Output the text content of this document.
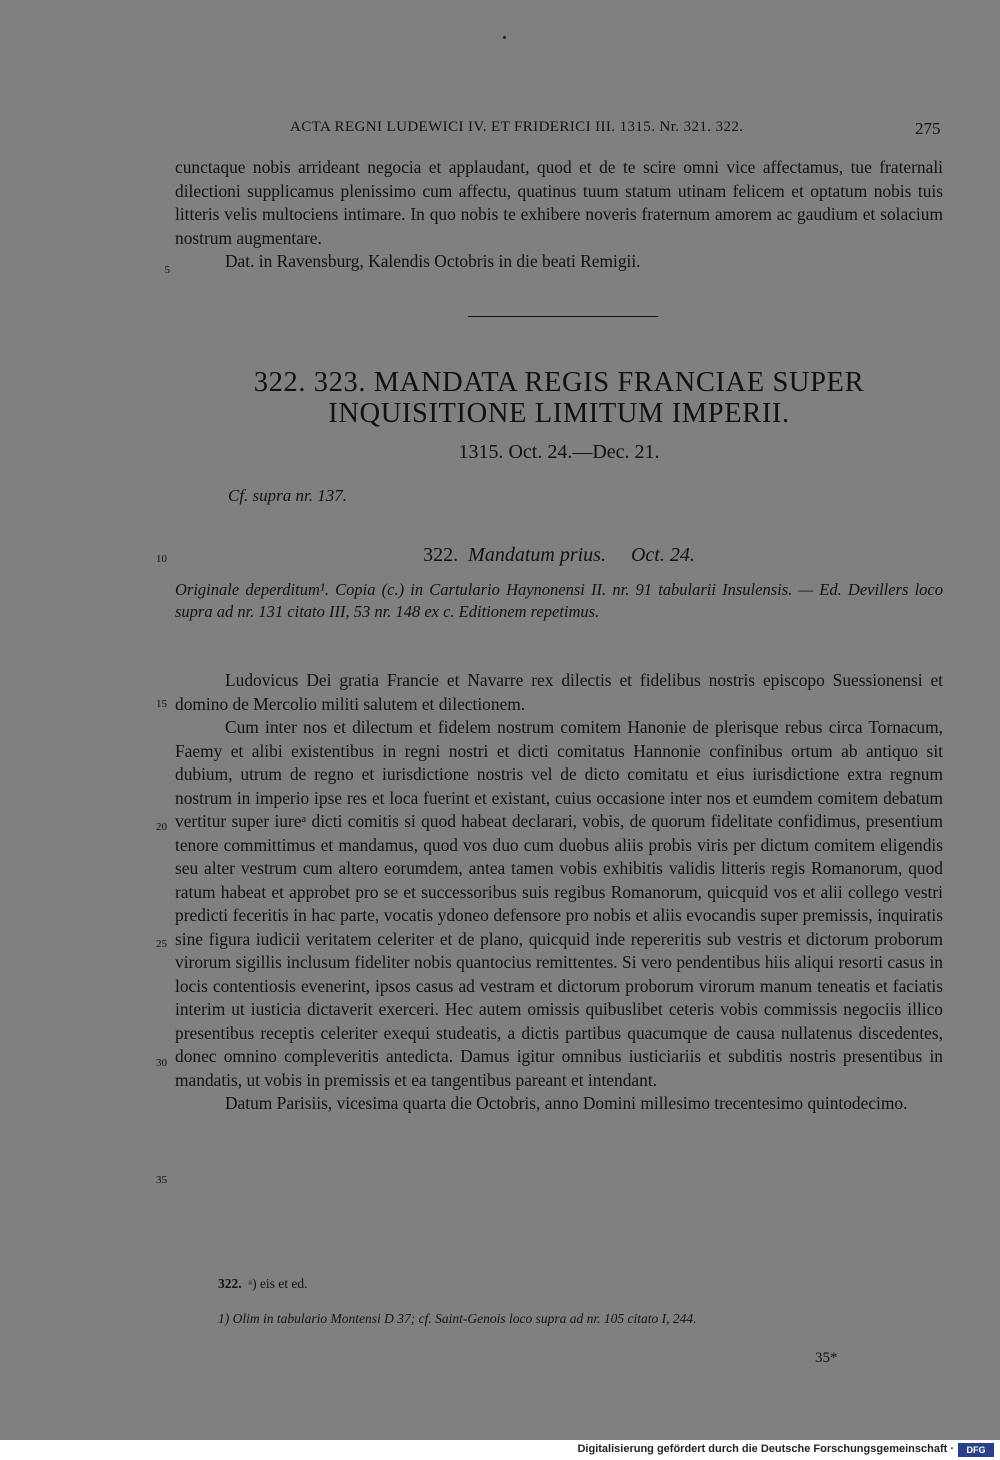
ACTA REGNI LUDEWICI IV. ET FRIDERICI III. 1315. Nr. 321. 322.	275

cunctaque nobis arrideant negocia et applaudant, quod et de te scire omni vice affectamus, tue fraternali dilectioni supplicamus plenissimo cum affectu, quatinus tuum statum utinam felicem et optatum nobis tuis litteris velis multociens intimare. In quo nobis te exhibere noveris fraternum amorem ac gaudium et solacium nostrum augmentare.

Dat. in Ravensburg, Kalendis Octobris in die beati Remigii.

5
322. 323. MANDATA REGIS FRANCIAE SUPER
INQUISITIONE LIMITUM IMPERII.
1315. Oct. 24.—Dec. 21.
Cf. supra nr. 137.
10	322. Mandatum prius. Oct. 24.
Originale deperditum¹. Copia (c.) in Cartulario Haynonensi II. nr. 91 tabularii Insulensis. — Ed. Devillers loco supra ad nr. 131 citato III, 53 nr. 148 ex c. Editionem repetimus.

Ludovicus Dei gratia Francie et Navarre rex dilectis et fidelibus nostris episcopo Suessionensi et domino de Mercolio militi salutem et dilectionem.

Cum inter nos et dilectum et fidelem nostrum comitem Hanonie de plerisque rebus circa Tornacum, Faemy et alibi existentibus in regni nostri et dicti comitatus Hannonie confinibus ortum ab antiquo sit dubium, utrum de regno et iurisdictione nostris vel de dicto comitatu et eius iurisdictione extra regnum nostrum in imperio ipse res et loca fuerint et existant, cuius occasione inter nos et eumdem comitem debatum vertitur super iureᵃ dicti comitis si quod habeat declarari, vobis, de quorum fidelitate confidimus, presentium tenore committimus et mandamus, quod vos duo cum duobus aliis probis viris per dictum comitem eligendis seu alter vestrum cum altero eorumdem, antea tamen vobis exhibitis validis litteris regis Romanorum, quod ratum habeat et approbet pro se et successoribus suis regibus Romanorum, quicquid vos et alii collego vestri predicti feceritis in hac parte, vocatis ydoneo defensore pro nobis et aliis evocandis super premissis, inquiratis sine figura iudicii veritatem celeriter et de plano, quicquid inde repereritis sub vestris et dictorum proborum virorum sigillis inclusum fideliter nobis quantocius remittentes. Si vero pendentibus hiis aliqui resorti casus in locis contentiosis evenerint, ipsos casus ad vestram et dictorum proborum virorum manum teneatis et faciatis interim ut iusticia dictaverit exerceri. Hec autem omissis quibuslibet ceteris vobis commissis negociis illico presentibus receptis celeriter exequi studeatis, a dictis partibus quacumque de causa nullatenus discedentes, donec omnino compleveritis antedicta. Damus igitur omnibus iusticiariis et subditis nostris presentibus in mandatis, ut vobis in premissis et ea tangentibus pareant et intendant.

Datum Parisiis, vicesima quarta die Octobris, anno Domini millesimo trecentesimo quintodecimo.

15
20
25
30
35
322. ᵃ) eis et ed.
1) Olim in tabulario Montensi D 37; cf. Saint-Genois loco supra ad nr. 105 citato I, 244.
35*
Digitalisierung gefördert durch die Deutsche Forschungsgemeinschaft ·	DFG
